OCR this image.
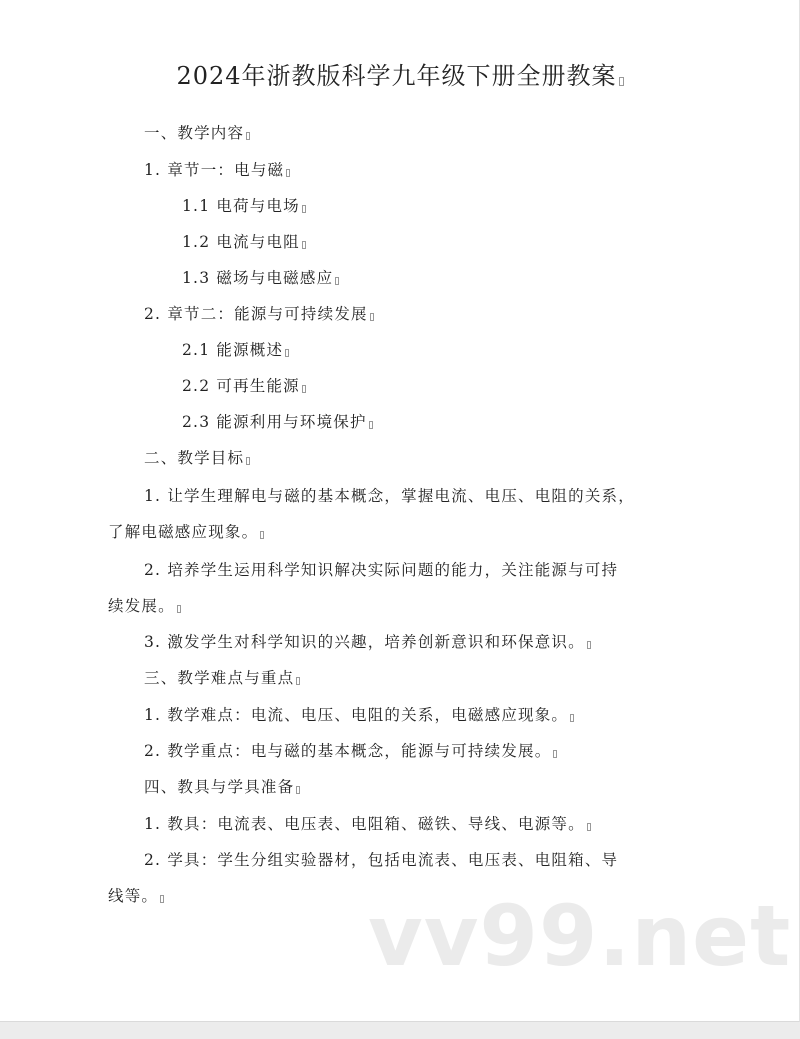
2024年浙教版科学九年级下册全册教案
一、教学内容
1. 章节一：电与磁
1.1 电荷与电场
1.2 电流与电阻
1.3 磁场与电磁感应
2. 章节二：能源与可持续发展
2.1 能源概述
2.2 可再生能源
2.3 能源利用与环境保护
二、教学目标
1. 让学生理解电与磁的基本概念，掌握电流、电压、电阻的关系，
了解电磁感应现象。
2. 培养学生运用科学知识解决实际问题的能力，关注能源与可持
续发展。
3. 激发学生对科学知识的兴趣，培养创新意识和环保意识。
三、教学难点与重点
1. 教学难点：电流、电压、电阻的关系，电磁感应现象。
2. 教学重点：电与磁的基本概念，能源与可持续发展。
四、教具与学具准备
1. 教具：电流表、电压表、电阻箱、磁铁、导线、电源等。
2. 学具：学生分组实验器材，包括电流表、电压表、电阻箱、导
线等。 vv99.net
